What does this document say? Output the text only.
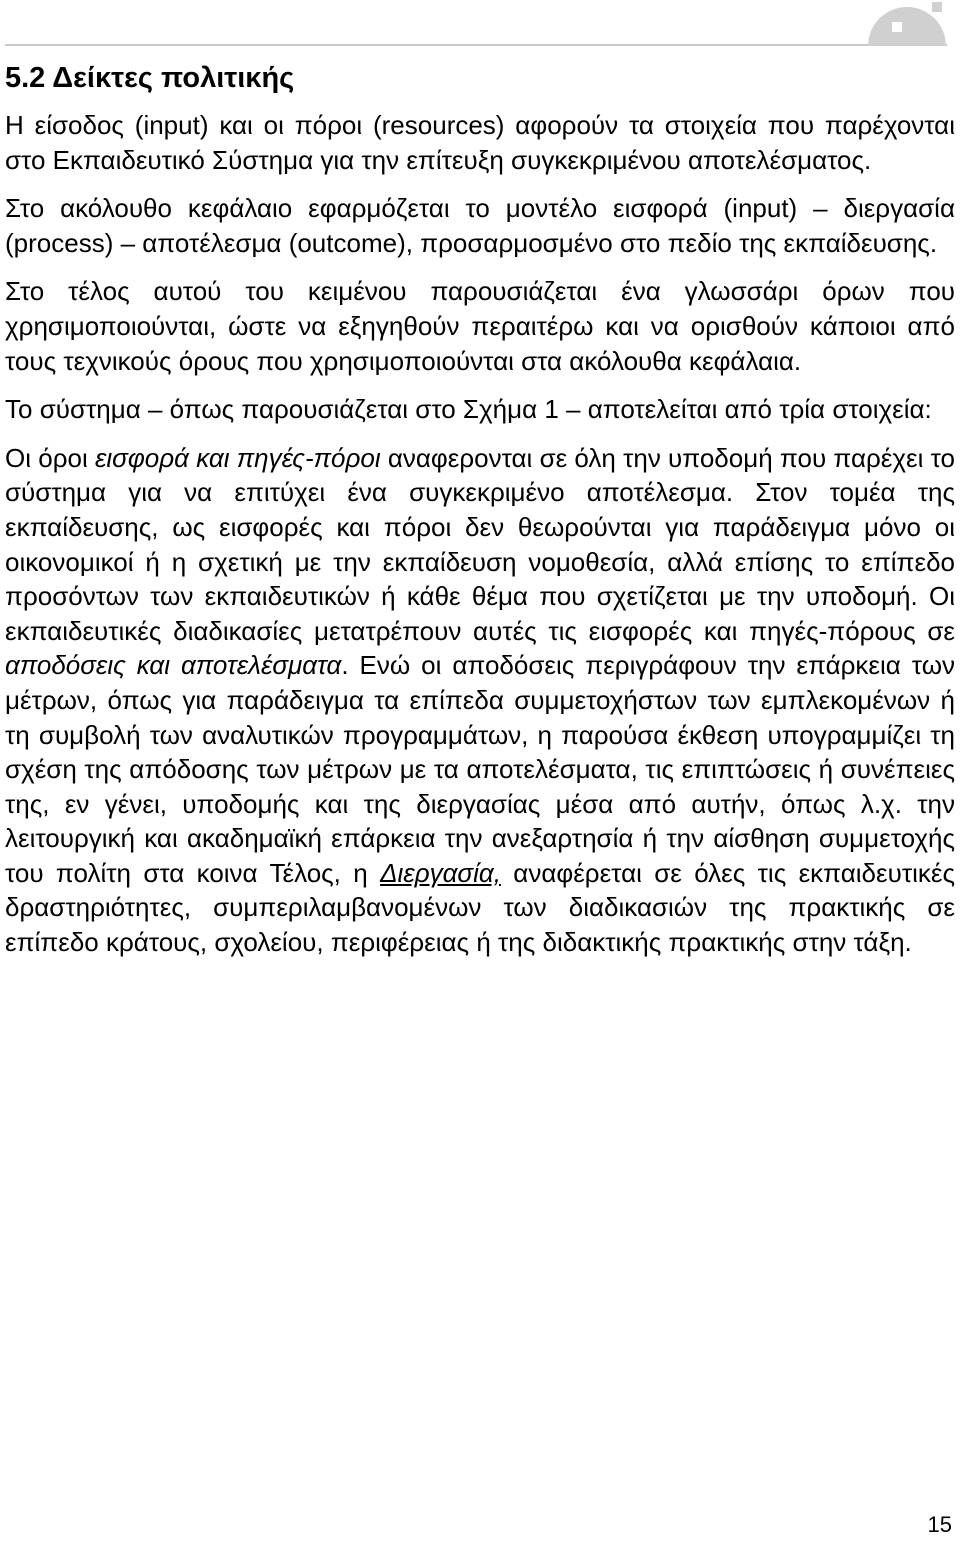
5.2 Δείκτες πολιτικής

Η είσοδος (input) και οι πόροι (resources) αφορούν τα στοιχεία που παρέχονται στο Εκπαιδευτικό Σύστημα για την επίτευξη συγκεκριμένου αποτελέσματος.

Στο ακόλουθο κεφάλαιο εφαρμόζεται το μοντέλο εισφορά (input) – διεργασία (process) – αποτέλεσμα (outcome), προσαρμοσμένο στο πεδίο της εκπαίδευσης.

Στο τέλος αυτού του κειμένου παρουσιάζεται ένα γλωσσάρι όρων που χρησιμοποιούνται, ώστε να εξηγηθούν περαιτέρω και να ορισθούν κάποιοι από τους τεχνικούς όρους που χρησιμοποιούνται στα ακόλουθα κεφάλαια.

Το σύστημα – όπως παρουσιάζεται στο Σχήμα 1 – αποτελείται από τρία στοιχεία:

Οι όροι εισφορά και πηγές-πόροι αναφερονται σε όλη την υποδομή που παρέχει το σύστημα για να επιτύχει ένα συγκεκριμένο αποτέλεσμα. Στον τομέα της εκπαίδευσης, ως εισφορές και πόροι δεν θεωρούνται για παράδειγμα μόνο οι οικονομικοί ή η σχετική με την εκπαίδευση νομοθεσία, αλλά επίσης το επίπεδο προσόντων των εκπαιδευτικών ή κάθε θέμα που σχετίζεται με την υποδομή. Οι εκπαιδευτικές διαδικασίες μετατρέπουν αυτές τις εισφορές και πηγές-πόρους σε αποδόσεις και αποτελέσματα. Ενώ οι αποδόσεις περιγράφουν την επάρκεια των μέτρων, όπως για παράδειγμα τα επίπεδα συμμετοχήστων των εμπλεκομένων ή τη συμβολή των αναλυτικών προγραμμάτων, η παρούσα έκθεση υπογραμμίζει τη σχέση της απόδοσης των μέτρων με τα αποτελέσματα, τις επιπτώσεις ή συνέπειες της, εν γένει, υποδομής και της διεργασίας μέσα από αυτήν, όπως λ.χ. την λειτουργική και ακαδημαϊκή επάρκεια την ανεξαρτησία ή την αίσθηση συμμετοχής του πολίτη στα κοινα Τέλος, η Διεργασία, αναφέρεται σε όλες τις εκπαιδευτικές δραστηριότητες, συμπεριλαμβανομένων των διαδικασιών της πρακτικής σε επίπεδο κράτους, σχολείου, περιφέρειας ή της διδακτικής πρακτικής στην τάξη.

15
